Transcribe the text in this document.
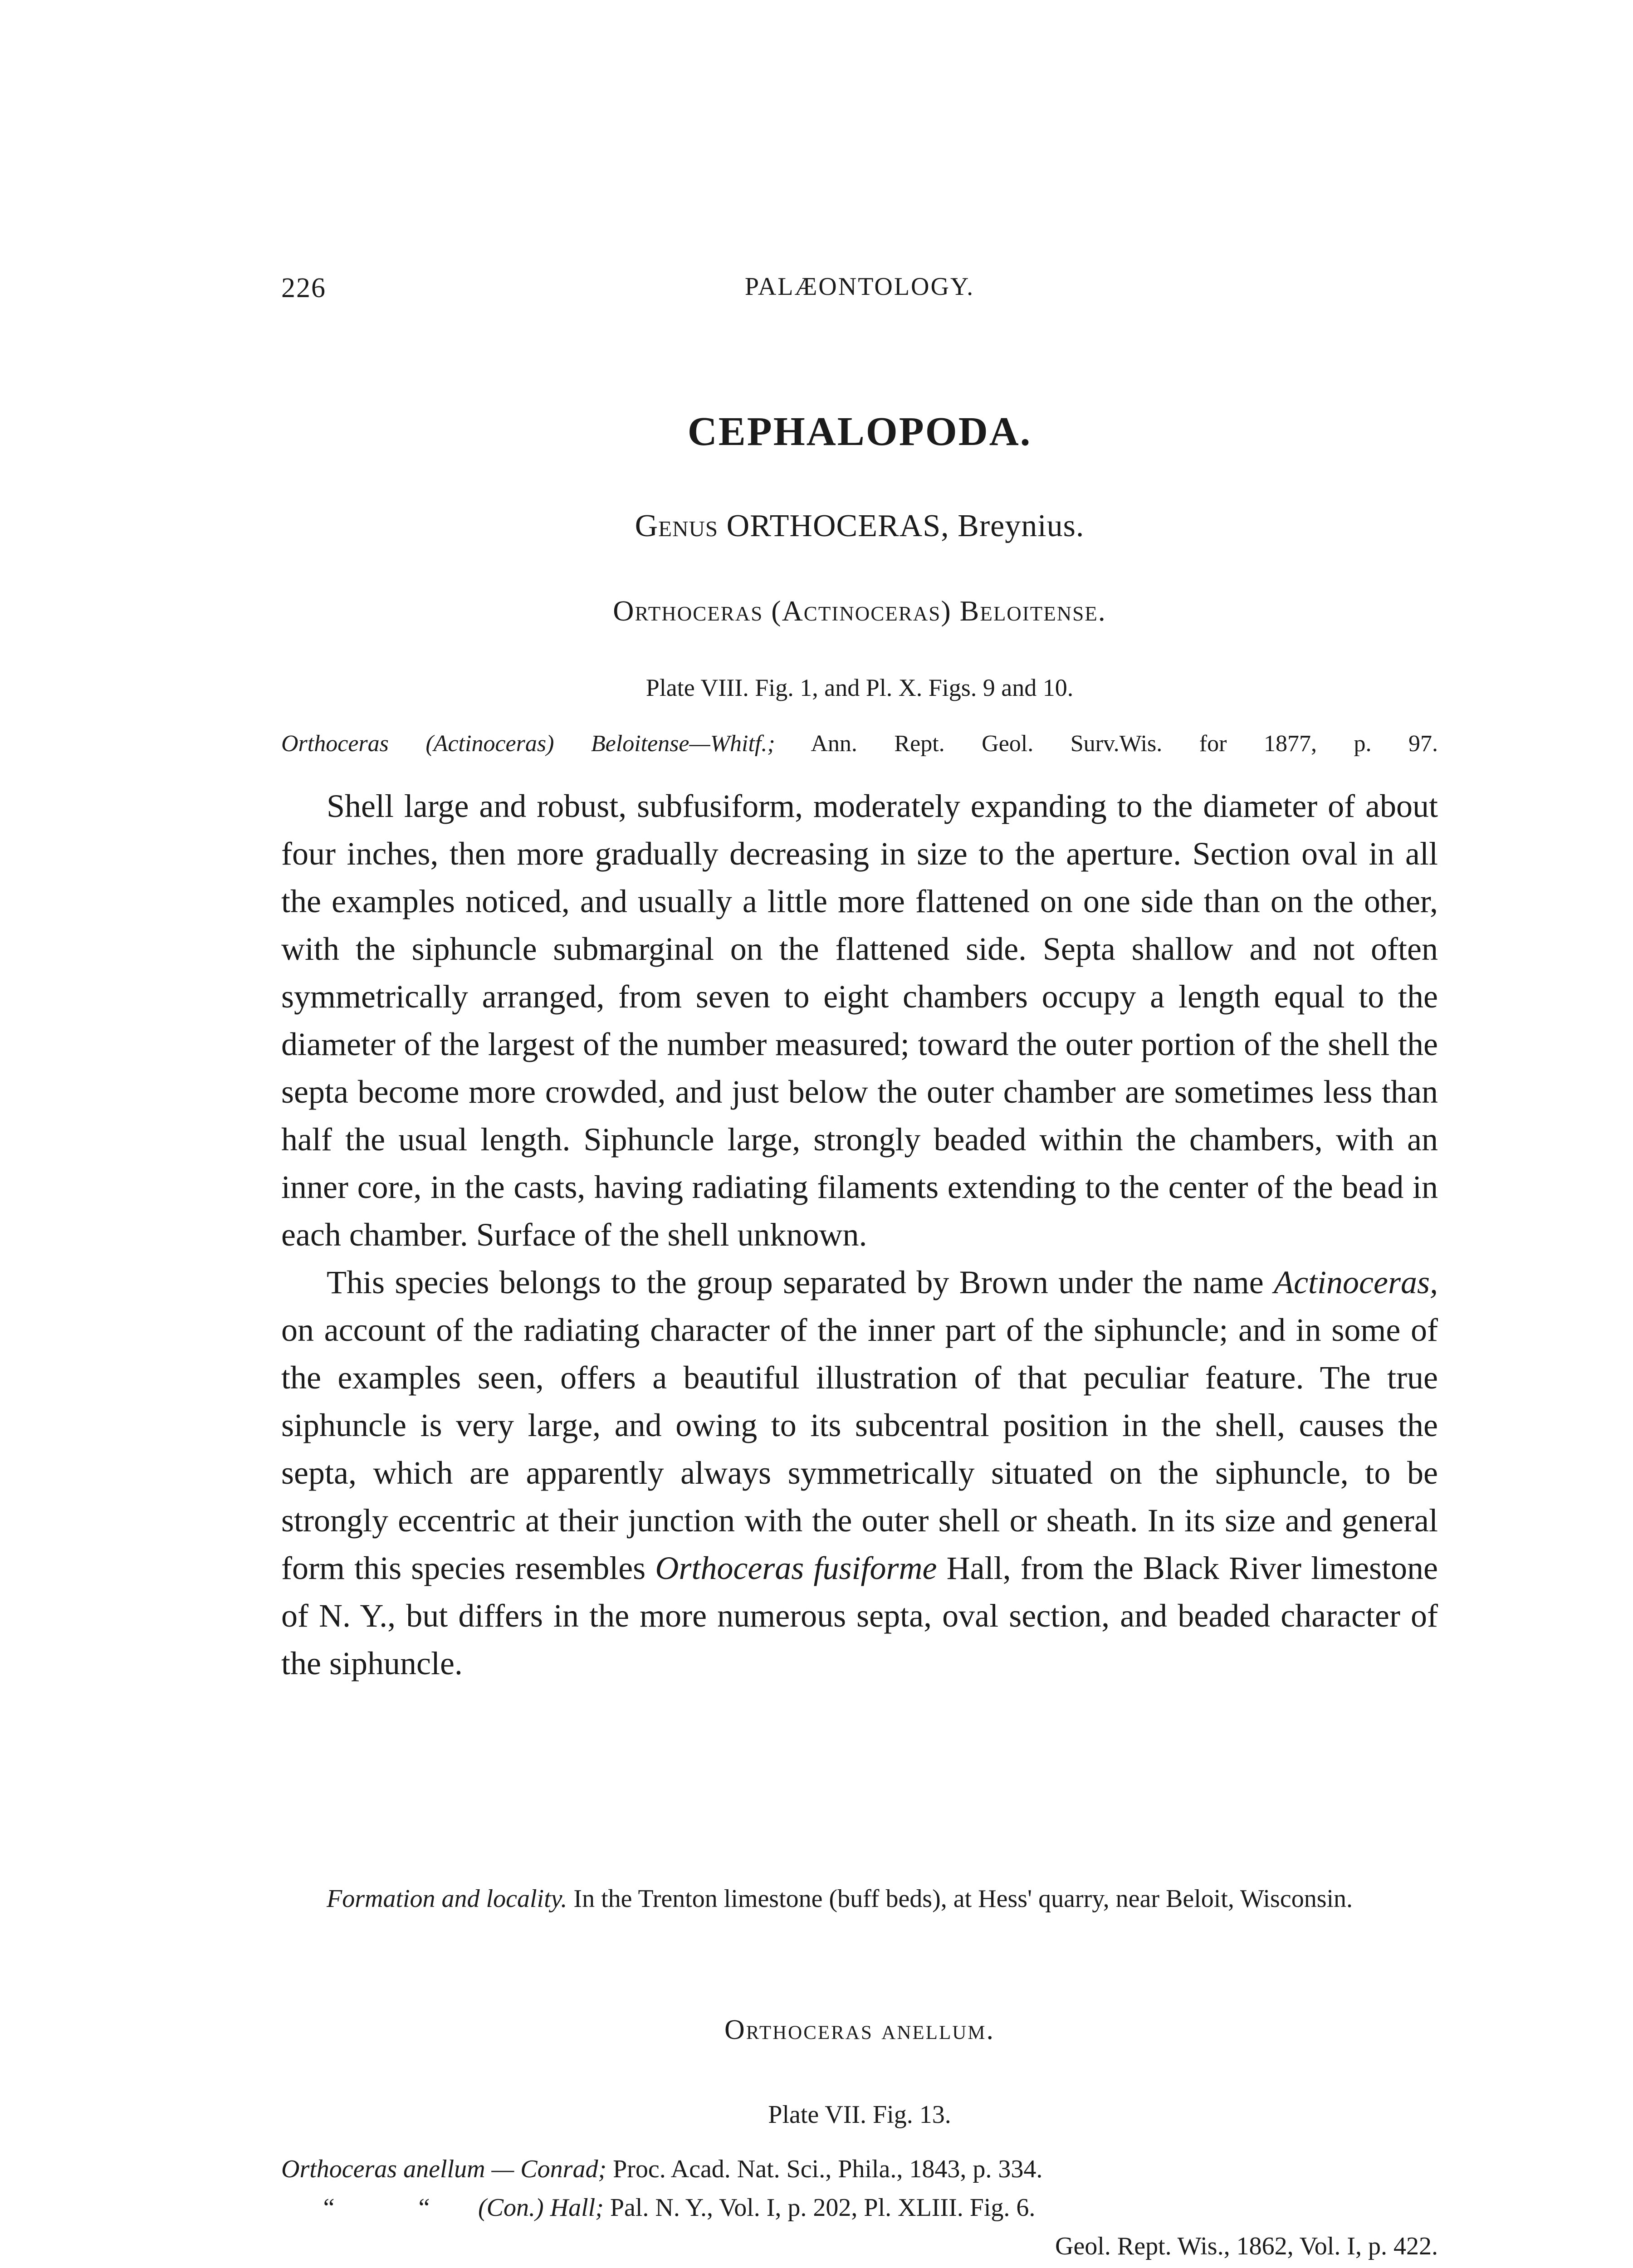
226	PALÆONTOLOGY.
CEPHALOPODA.
Genus ORTHOCERAS, Breynius.
Orthoceras (Actinoceras) Beloitense.
Plate VIII. Fig. 1, and Pl. X. Figs. 9 and 10.
Orthoceras (Actinoceras) Beloitense—Whitf.; Ann. Rept. Geol. Surv.Wis. for 1877, p. 97.

Shell large and robust, subfusiform, moderately expanding to the diameter of about four inches, then more gradually decreasing in size to the aperture. Section oval in all the examples noticed, and usually a little more flattened on one side than on the other, with the siphuncle submarginal on the flattened side. Septa shallow and not often symmetrically arranged, from seven to eight chambers occupy a length equal to the diameter of the largest of the number measured; toward the outer portion of the shell the septa become more crowded, and just below the outer chamber are sometimes less than half the usual length. Siphuncle large, strongly beaded within the chambers, with an inner core, in the casts, having radiating filaments extending to the center of the bead in each chamber. Surface of the shell unknown.

This species belongs to the group separated by Brown under the name Actinoceras, on account of the radiating character of the inner part of the siphuncle; and in some of the examples seen, offers a beautiful illustration of that peculiar feature. The true siphuncle is very large, and owing to its subcentral position in the shell, causes the septa, which are apparently always symmetrically situated on the siphuncle, to be strongly eccentric at their junction with the outer shell or sheath. In its size and general form this species resembles Orthoceras fusiforme Hall, from the Black River limestone of N. Y., but differs in the more numerous septa, oval section, and beaded character of the siphuncle.

Formation and locality. In the Trenton limestone (buff beds), at Hess' quarry, near Beloit, Wisconsin.
Orthoceras anellum.
Plate VII. Fig. 13.
Orthoceras anellum — Conrad; Proc. Acad. Nat. Sci., Phila., 1843, p. 334.
“	“ (Con.) Hall; Pal. N. Y., Vol. I, p. 202, Pl. XLIII. Fig. 6.
Geol. Rept. Wis., 1862, Vol. I, p. 422.
